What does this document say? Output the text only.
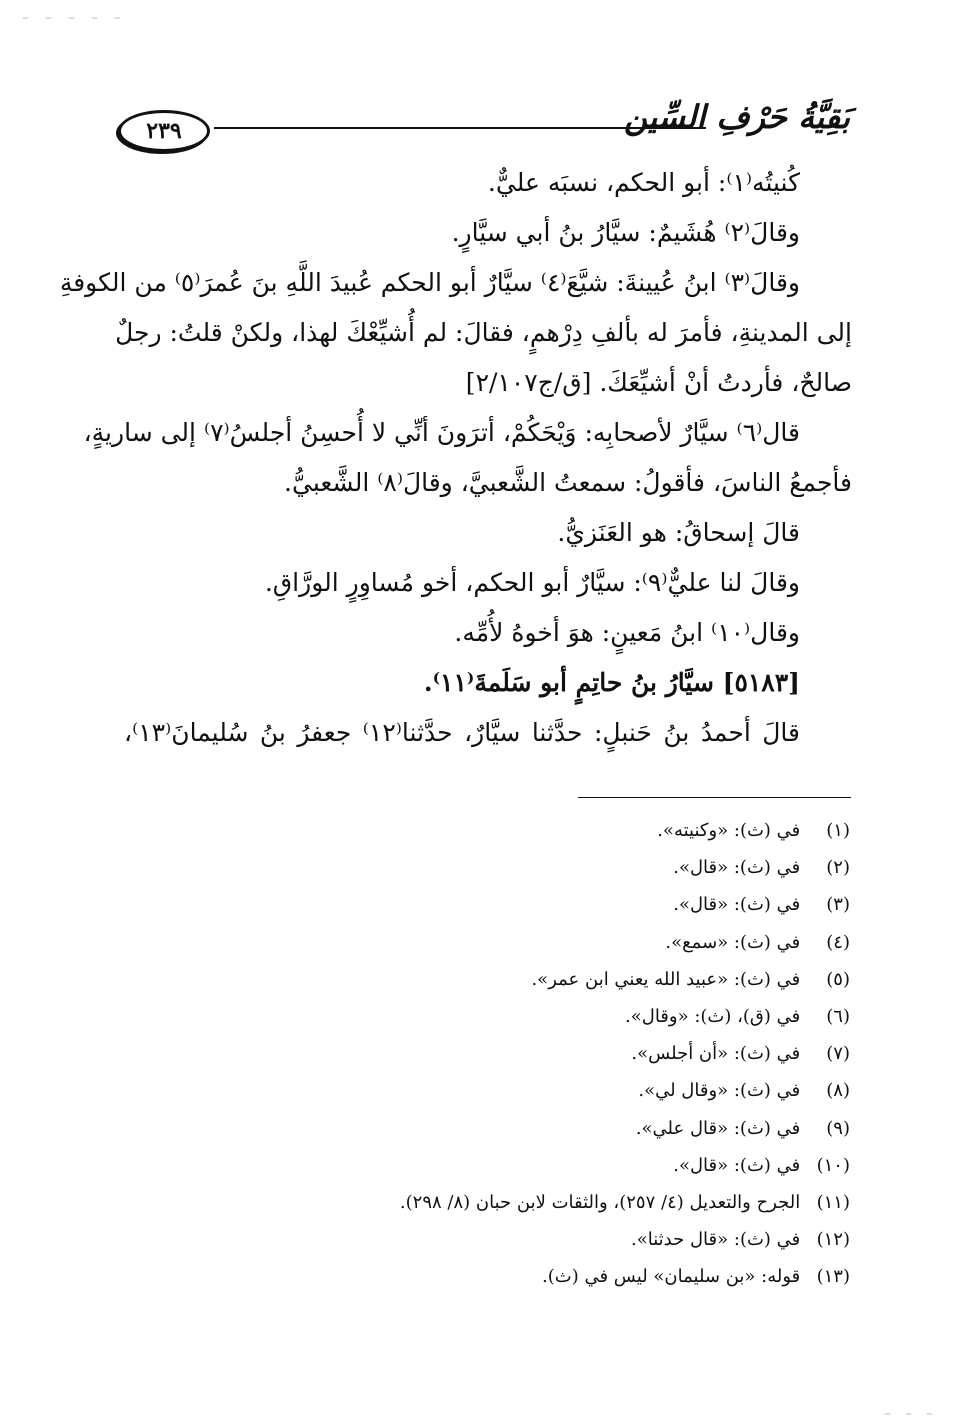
–––––
٢٣٩	بَقِيَّةُ حَرْفِ السِّين
كُنيتُه⁽١⁾: أبو الحكم، نسبَه عليٌّ.
وقالَ⁽٢⁾ هُشَيمٌ: سيَّارُ بنُ أبي سيَّارٍ.
وقالَ⁽٣⁾ ابنُ عُيينةَ: شيَّعَ⁽٤⁾ سيَّارٌ أبو الحكم عُبيدَ اللَّهِ بنَ عُمرَ⁽٥⁾ من الكوفةِ
إلى المدينةِ، فأمرَ له بألفِ دِرْهمٍ، فقالَ: لم أُشيِّعْكَ لهذا، ولكنْ قلتُ: رجلٌ
صالحٌ، فأردتُ أنْ أشيِّعَكَ. [ق/ج٢/١٠٧]
قال⁽٦⁾ سيَّارٌ لأصحابِه: وَيْحَكُمْ، أترَونَ أنِّي لا أُحسِنُ أجلسُ⁽٧⁾ إلى ساريةٍ،
فأجمعُ الناسَ، فأقولُ: سمعتُ الشَّعبيَّ، وقالَ⁽٨⁾ الشَّعبيُّ.
قالَ إسحاقُ: هو العَنَزيُّ.
وقالَ لنا عليٌّ⁽٩⁾: سيَّارٌ أبو الحكم، أخو مُساوِرٍ الورَّاقِ.
وقال⁽١٠⁾ ابنُ مَعينٍ: هوَ أخوهُ لأُمِّه.
[٥١٨٣] سيَّارُ بنُ حاتِمٍ أبو سَلَمةَ⁽١١⁾.
قالَ أحمدُ بنُ حَنبلٍ: حدَّثنا سيَّارٌ، حدَّثنا⁽١٢⁾ جعفرُ بنُ سُليمانَ⁽١٣⁾،
(١) في (ث): «وكنيته».
(٢) في (ث): «قال».
(٣) في (ث): «قال».
(٤) في (ث): «سمع».
(٥) في (ث): «عبيد الله يعني ابن عمر».
(٦) في (ق)، (ث): «وقال».
(٧) في (ث): «أن أجلس».
(٨) في (ث): «وقال لي».
(٩) في (ث): «قال علي».
(١٠) في (ث): «قال».
(١١) الجرح والتعديل (٤/ ٢٥٧)، والثقات لابن حبان (٨/ ٢٩٨).
(١٢) في (ث): «قال حدثنا».
(١٣) قوله: «بن سليمان» ليس في (ث).
–––
